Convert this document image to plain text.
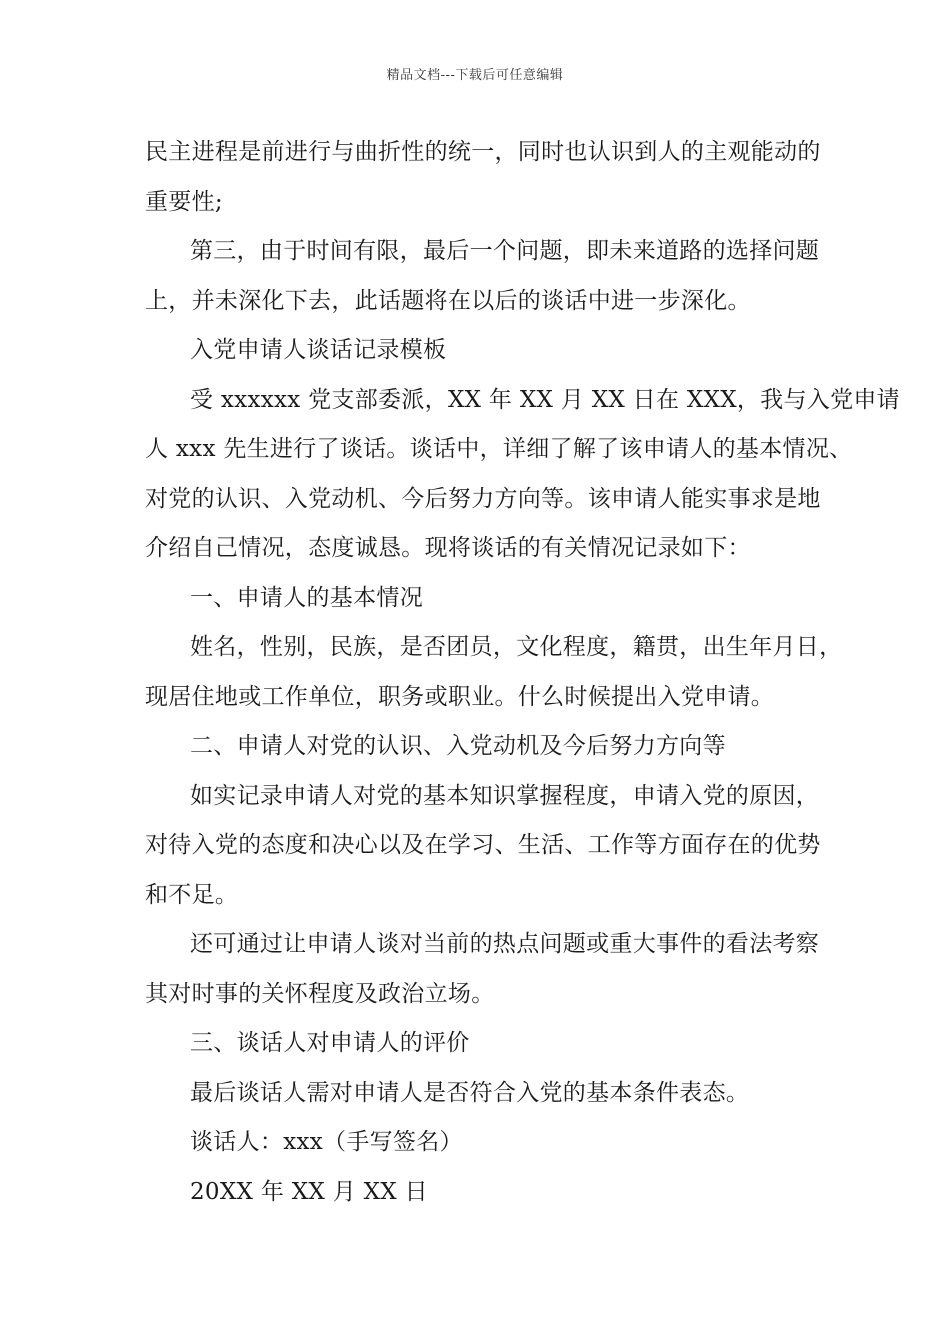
精品文档---下载后可任意编辑
民主进程是前进行与曲折性的统一，同时也认识到人的主观能动的
重要性;
第三，由于时间有限，最后一个问题，即未来道路的选择问题
上，并未深化下去，此话题将在以后的谈话中进一步深化。
入党申请人谈话记录模板
受 xxxxxx 党支部委派，XX 年 XX 月 XX 日在 XXX，我与入党申请
人 xxx 先生进行了谈话。谈话中，详细了解了该申请人的基本情况、
对党的认识、入党动机、今后努力方向等。该申请人能实事求是地
介绍自己情况，态度诚恳。现将谈话的有关情况记录如下：
一、申请人的基本情况
姓名，性别，民族，是否团员，文化程度，籍贯，出生年月日，
现居住地或工作单位，职务或职业。什么时候提出入党申请。
二、申请人对党的认识、入党动机及今后努力方向等
如实记录申请人对党的基本知识掌握程度，申请入党的原因，
对待入党的态度和决心以及在学习、生活、工作等方面存在的优势
和不足。
还可通过让申请人谈对当前的热点问题或重大事件的看法考察
其对时事的关怀程度及政治立场。
三、谈话人对申请人的评价
最后谈话人需对申请人是否符合入党的基本条件表态。
谈话人：xxx（手写签名）
20XX 年 XX 月 XX 日
